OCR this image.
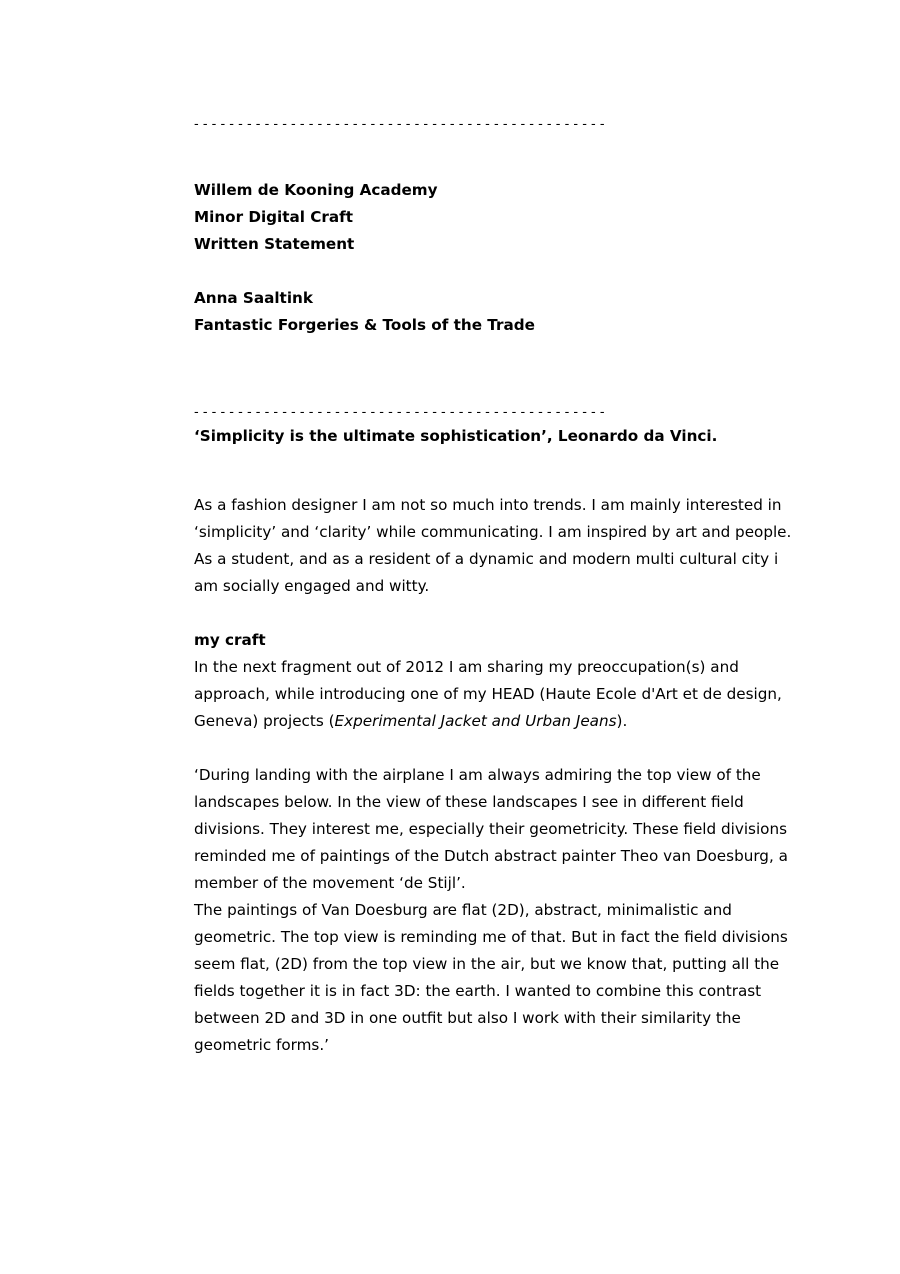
- - - - - - - - - - - - - - - - - - - - - - - - - - - - - - - - - - - - - - - - - - - - - - -
Willem de Kooning Academy
Minor Digital Craft
Written Statement
Anna Saaltink
Fantastic Forgeries & Tools of the Trade
- - - - - - - - - - - - - - - - - - - - - - - - - - - - - - - - - - - - - - - - - - - - - - -
‘Simplicity is the ultimate sophistication’, Leonardo da Vinci.
As a fashion designer I am not so much into trends. I am mainly interested in
‘simplicity’ and ‘clarity’ while communicating. I am inspired by art and people.
As a student, and as a resident of a dynamic and modern multi cultural city i
am socially engaged and witty.
my craft
In the next fragment out of 2012 I am sharing my preoccupation(s) and
approach, while introducing one of my HEAD (Haute Ecole d'Art et de design,
Geneva) projects (Experimental Jacket and Urban Jeans).
‘During landing with the airplane I am always admiring the top view of the
landscapes below. In the view of these landscapes I see in different field
divisions. They interest me, especially their geometricity. These field divisions
reminded me of paintings of the Dutch abstract painter Theo van Doesburg, a
member of the movement ‘de Stijl’.
The paintings of Van Doesburg are flat (2D), abstract, minimalistic and
geometric. The top view is reminding me of that. But in fact the field divisions
seem flat, (2D) from the top view in the air, but we know that, putting all the
fields together it is in fact 3D: the earth. I wanted to combine this contrast
between 2D and 3D in one outfit but also I work with their similarity the
geometric forms.’
